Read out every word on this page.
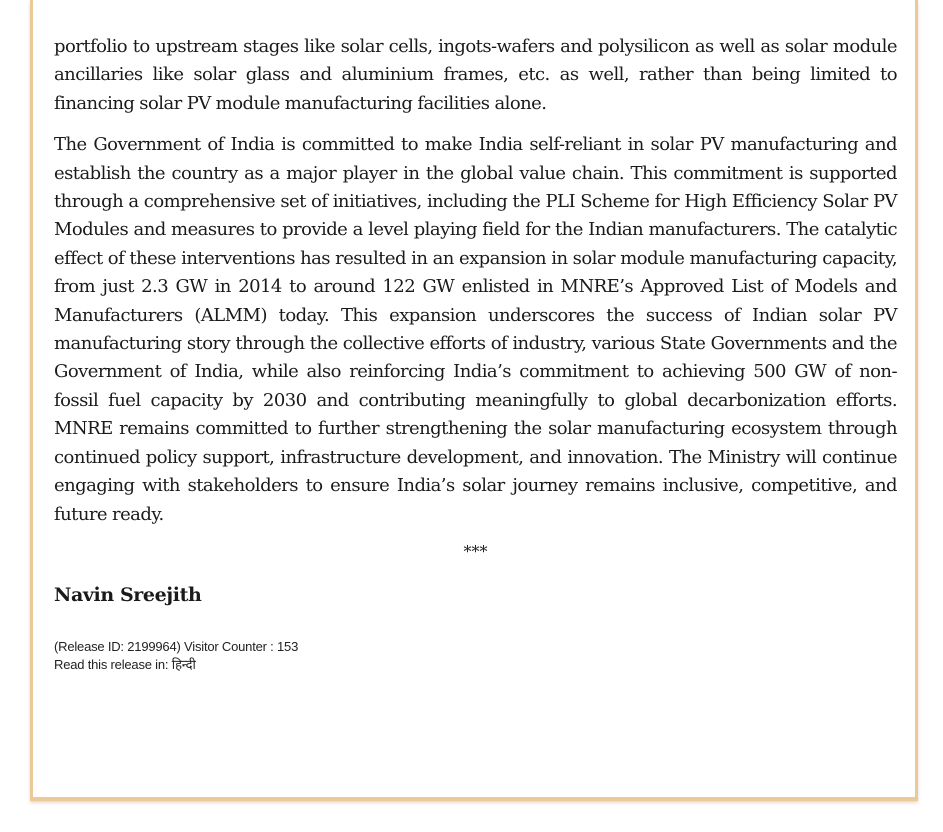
portfolio to upstream stages like solar cells, ingots-wafers and polysilicon as well as solar module ancillaries like solar glass and aluminium frames, etc. as well, rather than being limited to financing solar PV module manufacturing facilities alone.

The Government of India is committed to make India self-reliant in solar PV manufacturing and establish the country as a major player in the global value chain. This commitment is supported through a comprehensive set of initiatives, including the PLI Scheme for High Efficiency Solar PV Modules and measures to provide a level playing field for the Indian manufacturers. The catalytic effect of these interventions has resulted in an expansion in solar module manufacturing capacity, from just 2.3 GW in 2014 to around 122 GW enlisted in MNRE’s Approved List of Models and Manufacturers (ALMM) today. This expansion underscores the success of Indian solar PV manufacturing story through the collective efforts of industry, various State Governments and the Government of India, while also reinforcing India’s commitment to achieving 500 GW of non-fossil fuel capacity by 2030 and contributing meaningfully to global decarbonization efforts. MNRE remains committed to further strengthening the solar manufacturing ecosystem through continued policy support, infrastructure development, and innovation. The Ministry will continue engaging with stakeholders to ensure India’s solar journey remains inclusive, competitive, and future ready.

***
Navin Sreejith
(Release ID: 2199964) Visitor Counter : 153
Read this release in: हिन्दी
